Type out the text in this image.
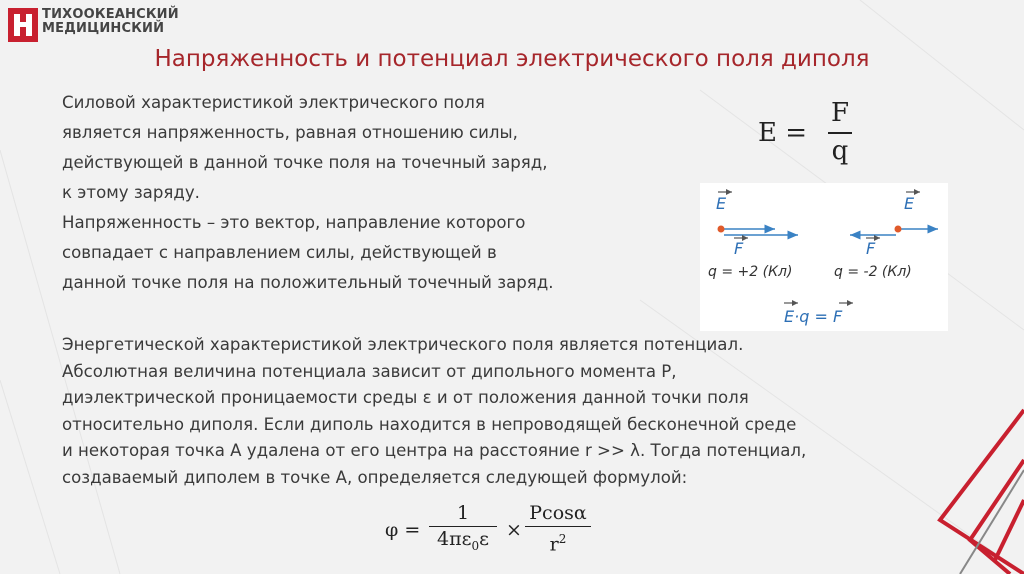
ТИХООКЕАНСКИЙ
МЕДИЦИНСКИЙ
Напряженность и потенциал электрического поля диполя
Силовой характеристикой электрического поля
является напряженность, равная отношению силы,
действующей в данной точке поля на точечный заряд,
к этому заряду.
Напряженность – это вектор, направление которого
совпадает с направлением силы, действующей в
данной точке поля на положительный точечный заряд.
E =
F
q
E
F
q = +2 (Кл)
E
F
q = -2 (Кл)
E·q = F
Энергетической характеристикой электрического поля является потенциал.
Абсолютная величина потенциала зависит от дипольного момента Р,
диэлектрической проницаемости среды ε и от положения данной точки поля
относительно диполя. Если диполь находится в непроводящей бесконечной среде
и некоторая точка А удалена от его центра на расстояние r >> λ. Тогда потенциал,
создаваемый диполем в точке А, определяется следующей формулой:
φ =
1
$4\pi\varepsilon_0\varepsilon$ ×
Pcosα
$r^2$
